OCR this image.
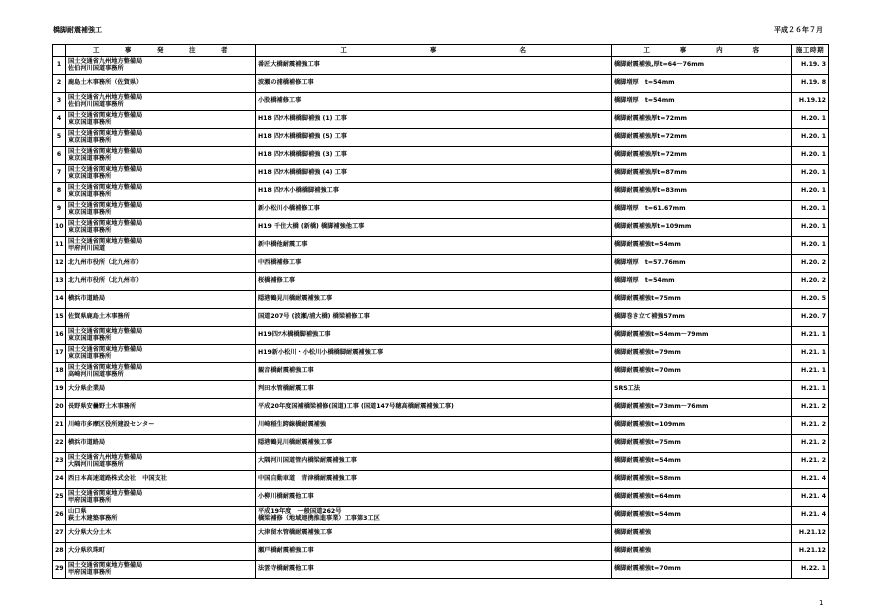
橋脚耐震補強工	平成２６年７月

	工 事 発 注 者	工 事 名	工 事 内 容	施工時期
1	国土交通省九州地方整備局
佐伯河川国道事務所	番匠大橋耐震補強工事	橋脚耐震補強,厚t=64～76mm	H.19. 3
2	鹿島土木事務所（佐賀県）	波瀬の浦橋補修工事	橋脚増厚　t=54mm	H.19. 8
3	国土交通省九州地方整備局
佐伯河川国道事務所	小股橋補修工事	橋脚増厚　t=54mm	H.19.12
4	国土交通省関東地方整備局
東京国道事務所	H18 四ﾂ木橋橋脚補強 (1) 工事	橋脚耐震補強厚t=72mm	H.20. 1
5	国土交通省関東地方整備局
東京国道事務所	H18 四ﾂ木橋橋脚補強 (5) 工事	橋脚耐震補強厚t=72mm	H.20. 1
6	国土交通省関東地方整備局
東京国道事務所	H18 四ﾂ木橋橋脚補強 (3) 工事	橋脚耐震補強厚t=72mm	H.20. 1
7	国土交通省関東地方整備局
東京国道事務所	H18 四ﾂ木橋橋脚補強 (4) 工事	橋脚耐震補強厚t=87mm	H.20. 1
8	国土交通省関東地方整備局
東京国道事務所	H18 四ﾂ木小橋橋脚補強工事	橋脚耐震補強厚t=83mm	H.20. 1
9	国土交通省関東地方整備局
東京国道事務所	新小松川小橋補修工事	橋脚増厚　t=61.67mm	H.20. 1
10	国土交通省関東地方整備局
東京国道事務所	H19 千住大橋 (新橋) 橋脚補強他工事	橋脚耐震補強厚t=109mm	H.20. 1
11	国土交通省関東地方整備局
甲府河川国道	新中橋他耐震工事	橋脚耐震補強t=54mm	H.20. 1
12	北九州市役所（北九州市）	中西橋補修工事	橋脚増厚　t=57.76mm	H.20. 2
13	北九州市役所（北九州市）	桜橋補修工事	橋脚増厚　t=54mm	H.20. 2
14	横浜市道路局	隠港鶴見川橋耐震補強工事	橋脚耐震補強t=75mm	H.20. 5
15	佐賀県鹿島土木事務所	国道207号 (波瀬/浦大橋) 橋梁補修工事	橋脚巻き立て補強57mm	H.20. 7
16	国土交通省関東地方整備局
東京国道事務所	H19四ﾂ木橋橋脚補強工事	橋脚耐震補強t=54mm～79mm	H.21. 1
17	国土交通省関東地方整備局
東京国道事務所	H19新小松川・小松川小橋橋脚耐震補強工事	橋脚耐震補強t=79mm	H.21. 1
18	国土交通省関東地方整備局
高崎河川国道事務所	観音橋耐震補強工事	橋脚耐震補強t=70mm	H.21. 1
19	大分県企業局	判田水管橋耐震工事	SRS工法	H.21. 1
20	長野県安曇野土木事務所	平成20年度国補橋梁補修(国道)工事 (国道147号穂高橋耐震補強工事)	橋脚耐震補強t=73mm～76mm	H.21. 2
21	川崎市多摩区役所建設センター	川崎稲生跨線橋耐震補強	橋脚耐震補強t=109mm	H.21. 2
22	横浜市道路局	隠港鶴見川橋耐震補強工事	橋脚耐震補強t=75mm	H.21. 2
23	国土交通省九州地方整備局
大隅河川国道事務所	大隅河川国道管内橋梁耐震補強工事	橋脚耐震補強t=54mm	H.21. 2
24	西日本高速道路株式会社　中国支社	中国自動車道　青津橋耐震補強工事	橋脚耐震補強t=58mm	H.21. 4
25	国土交通省関東地方整備局
甲府国道事務所	小柳川橋耐震他工事	橋脚耐震補強t=64mm	H.21. 4
26	山口県
萩土木建築事務所	平成19年度　一般国道262号
橋梁補修（地域連携推進事業）工事第3工区	橋脚耐震補強t=54mm	H.21. 4
27	大分県大分土木	大津留水管橋耐震補強工事	橋脚耐震補強	H.21.12
28	大分県玖珠町	瀬戸橋耐震補強工事	橋脚耐震補強	H.21.12
29	国土交通省関東地方整備局
甲府国道事務所	法雲寺橋耐震他工事	橋脚耐震補強t=70mm	H.22. 1
1
